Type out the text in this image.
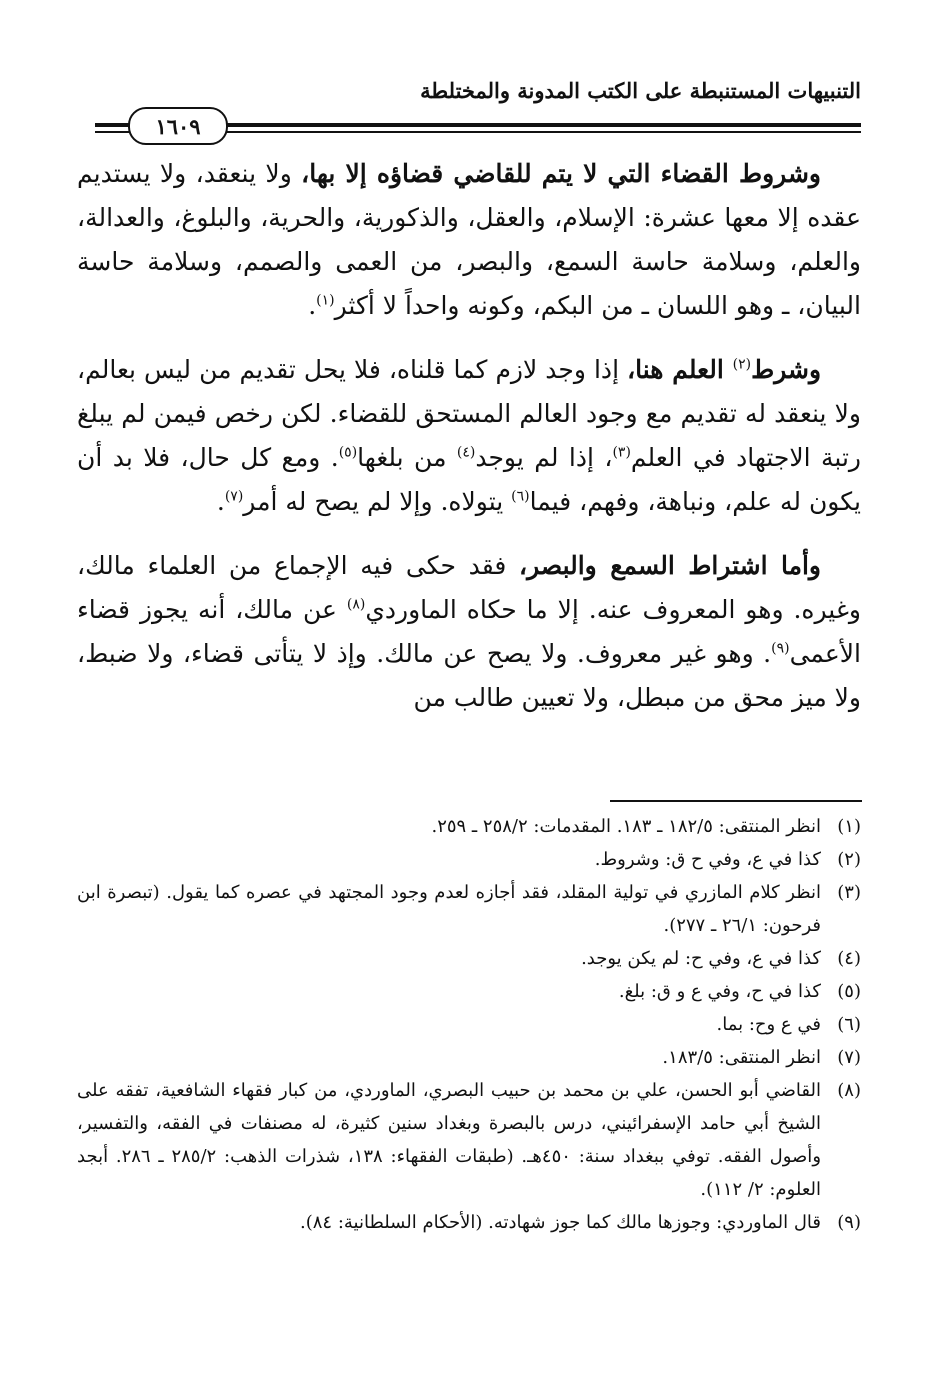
التنبيهات المستنبطة على الكتب المدونة والمختلطة
١٦٠٩

وشروط القضاء التي لا يتم للقاضي قضاؤه إلا بها، ولا ينعقد، ولا يستديم عقده إلا معها عشرة: الإسلام، والعقل، والذكورية، والحرية، والبلوغ، والعدالة، والعلم، وسلامة حاسة السمع، والبصر، من العمى والصمم، وسلامة حاسة البيان، ـ وهو اللسان ـ من البكم، وكونه واحداً لا أكثر$^{(١)}$.

وشرط$^{(٢)}$ العلم هنا، إذا وجد لازم كما قلناه، فلا يحل تقديم من ليس بعالم، ولا ينعقد له تقديم مع وجود العالم المستحق للقضاء. لكن رخص فيمن لم يبلغ رتبة الاجتهاد في العلم$^{(٣)}$، إذا لم يوجد$^{(٤)}$ من بلغها$^{(٥)}$. ومع كل حال، فلا بد أن يكون له علم، ونباهة، وفهم، فيما$^{(٦)}$ يتولاه. وإلا لم يصح له أمر$^{(٧)}$.

وأما اشتراط السمع والبصر، فقد حكى فيه الإجماع من العلماء مالك، وغيره. وهو المعروف عنه. إلا ما حكاه الماوردي$^{(٨)}$ عن مالك، أنه يجوز قضاء الأعمى$^{(٩)}$. وهو غير معروف. ولا يصح عن مالك. وإذ لا يتأتى قضاء، ولا ضبط، ولا ميز محق من مبطل، ولا تعيين طالب من

(١)
انظر المنتقى: ١٨٢/٥ ـ ١٨٣. المقدمات: ٢٥٨/٢ ـ ٢٥٩.
(٢)
كذا في ع، وفي ح ق: وشروط.
(٣)
انظر كلام المازري في تولية المقلد، فقد أجازه لعدم وجود المجتهد في عصره كما يقول. (تبصرة ابن فرحون: ٢٦/١ ـ ٢٧٧).
(٤)
كذا في ع، وفي ح: لم يكن يوجد.
(٥)
كذا في ح، وفي ع و ق: بلغ.
(٦)
في ع وح: بما.
(٧)
انظر المنتقى: ١٨٣/٥.
(٨)
القاضي أبو الحسن، علي بن محمد بن حبيب البصري، الماوردي، من كبار فقهاء الشافعية، تفقه على الشيخ أبي حامد الإسفرائيني، درس بالبصرة وبغداد سنين كثيرة، له مصنفات في الفقه، والتفسير، وأصول الفقه. توفي ببغداد سنة: ٤٥٠هـ. (طبقات الفقهاء: ١٣٨، شذرات الذهب: ٢٨٥/٢ ـ ٢٨٦. أبجد العلوم: ٢/ ١١٢).
(٩)
قال الماوردي: وجوزها مالك كما جوز شهادته. (الأحكام السلطانية: ٨٤).
